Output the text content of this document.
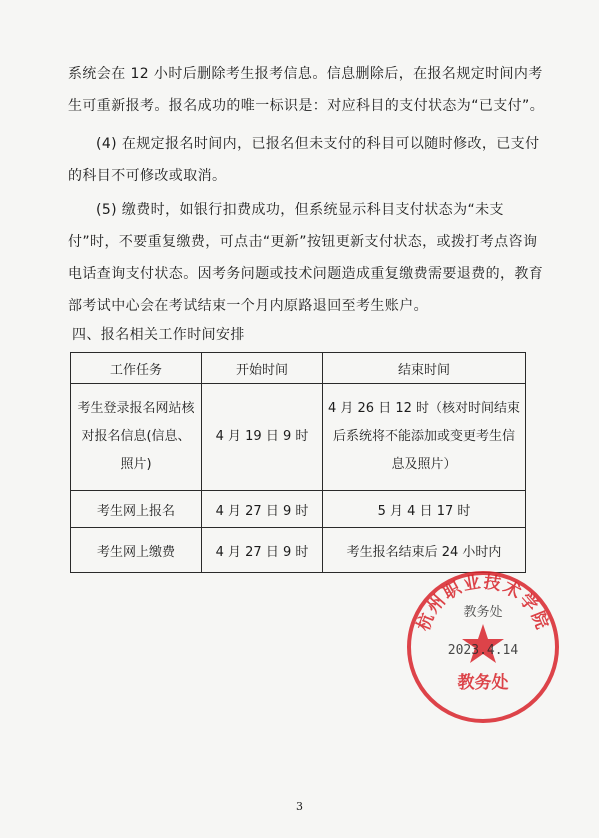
系统会在 12 小时后删除考生报考信息。信息删除后，在报名规定时间内考生可重新报考。报名成功的唯一标识是：对应科目的支付状态为“已支付”。

(4) 在规定报名时间内，已报名但未支付的科目可以随时修改，已支付的科目不可修改或取消。

(5) 缴费时，如银行扣费成功，但系统显示科目支付状态为“未支付”时，不要重复缴费，可点击“更新”按钮更新支付状态，或拨打考点咨询电话查询支付状态。因考务问题或技术问题造成重复缴费需要退费的，教育部考试中心会在考试结束一个月内原路退回至考生账户。

四、报名相关工作时间安排

工作任务	开始时间	结束时间
考生登录报名网站核对报名信息(信息、照片)	4 月 19 日 9 时	4 月 26 日 12 时（核对时间结束后系统将不能添加或变更考生信息及照片）
考生网上报名	4 月 27 日 9 时	5 月 4 日 17 时
考生网上缴费	4 月 27 日 9 时	考生报名结束后 24 小时内
杭州职业技术学院
教务处
2023.4.14
教务处
3
